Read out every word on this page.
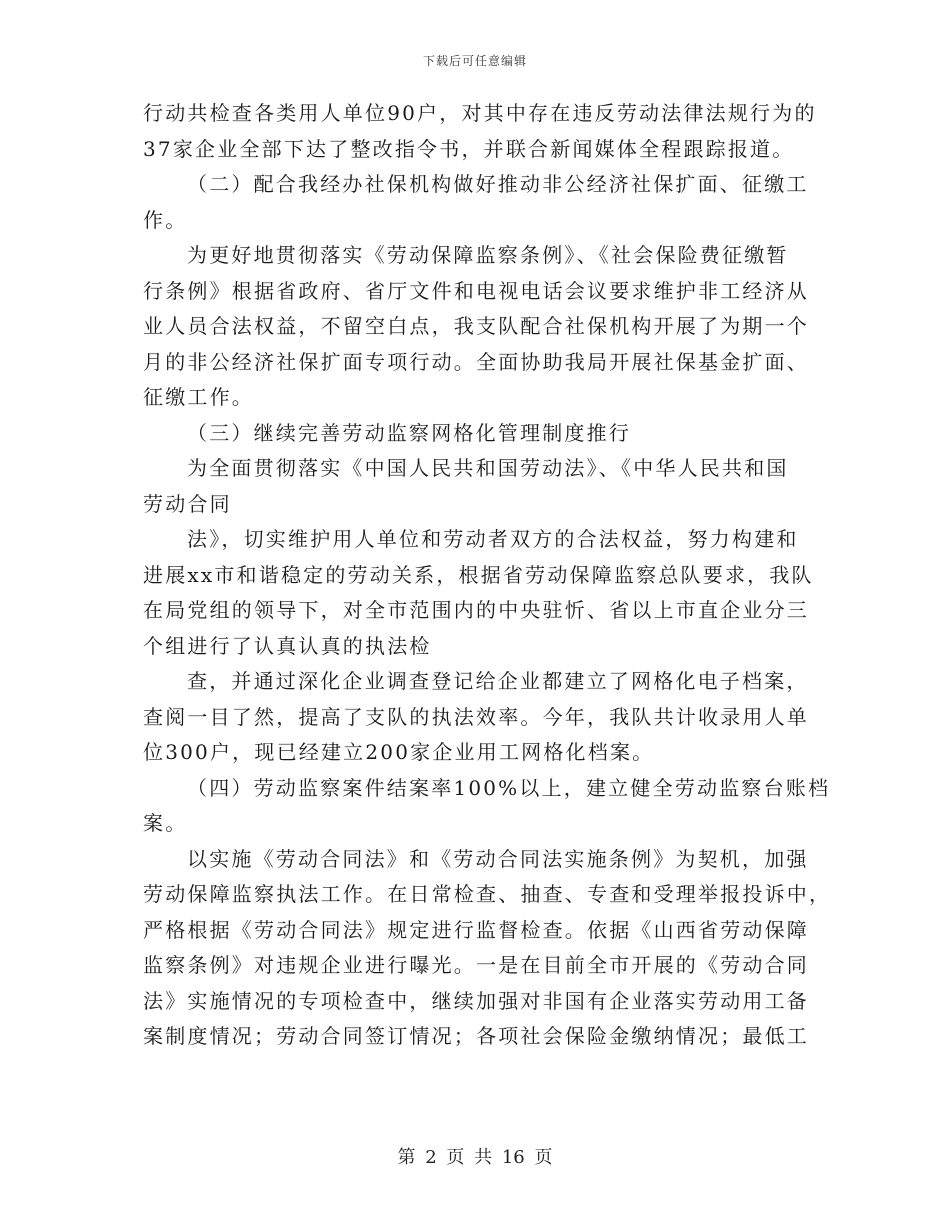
下载后可任意编辑
行动共检查各类用人单位90户，对其中存在违反劳动法律法规行为的
37家企业全部下达了整改指令书，并联合新闻媒体全程跟踪报道。
（二）配合我经办社保机构做好推动非公经济社保扩面、征缴工
作。
为更好地贯彻落实《劳动保障监察条例》、《社会保险费征缴暂
行条例》根据省政府、省厅文件和电视电话会议要求维护非工经济从
业人员合法权益，不留空白点，我支队配合社保机构开展了为期一个
月的非公经济社保扩面专项行动。全面协助我局开展社保基金扩面、
征缴工作。
（三）继续完善劳动监察网格化管理制度推行
为全面贯彻落实《中国人民共和国劳动法》、《中华人民共和国
劳动合同
法》，切实维护用人单位和劳动者双方的合法权益，努力构建和
进展xx市和谐稳定的劳动关系，根据省劳动保障监察总队要求，我队
在局党组的领导下，对全市范围内的中央驻忻、省以上市直企业分三
个组进行了认真认真的执法检
查，并通过深化企业调查登记给企业都建立了网格化电子档案，
查阅一目了然，提高了支队的执法效率。今年，我队共计收录用人单
位300户，现已经建立200家企业用工网格化档案。
（四）劳动监察案件结案率100%以上，建立健全劳动监察台账档
案。
以实施《劳动合同法》和《劳动合同法实施条例》为契机，加强
劳动保障监察执法工作。在日常检查、抽查、专查和受理举报投诉中，
严格根据《劳动合同法》规定进行监督检查。依据《山西省劳动保障
监察条例》对违规企业进行曝光。一是在目前全市开展的《劳动合同
法》实施情况的专项检查中，继续加强对非国有企业落实劳动用工备
案制度情况；劳动合同签订情况；各项社会保险金缴纳情况；最低工
第 2 页 共 16 页
